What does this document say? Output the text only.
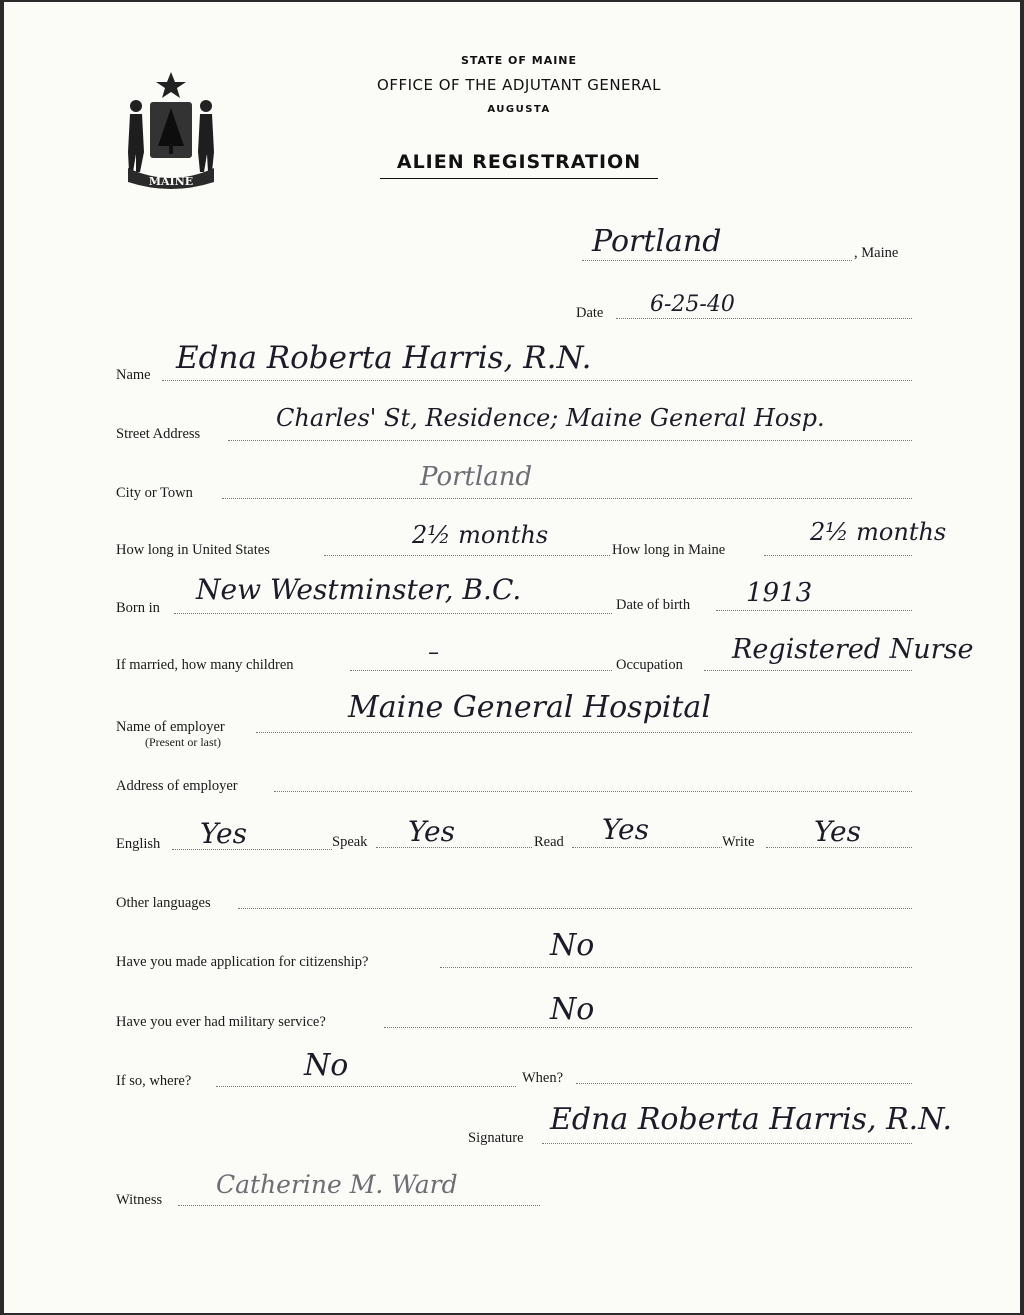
MAINE
STATE OF MAINE
OFFICE OF THE ADJUTANT GENERAL
AUGUSTA
ALIEN REGISTRATION
Portland	, Maine
Date 6-25-40
Name Edna Roberta Harris, R.N.
Street Address
Charles' St, Residence; Maine General Hosp.
City or Town
Portland
How long in United States
2½ months
How long in Maine
2½ months
Born in
New Westminster, B.C.	Date of birth 1913
If married, how many children	–	Occupation Registered Nurse
Name of employer
(Present or last)
Maine General Hospital
Address of employer
English Yes	Speak Yes	Read Yes	Write Yes
Other languages
Have you made application for citizenship?	No
Have you ever had military service?	No
If so, where?	No	When?
Signature
Edna Roberta Harris, R.N.
Witness
Catherine M. Ward
